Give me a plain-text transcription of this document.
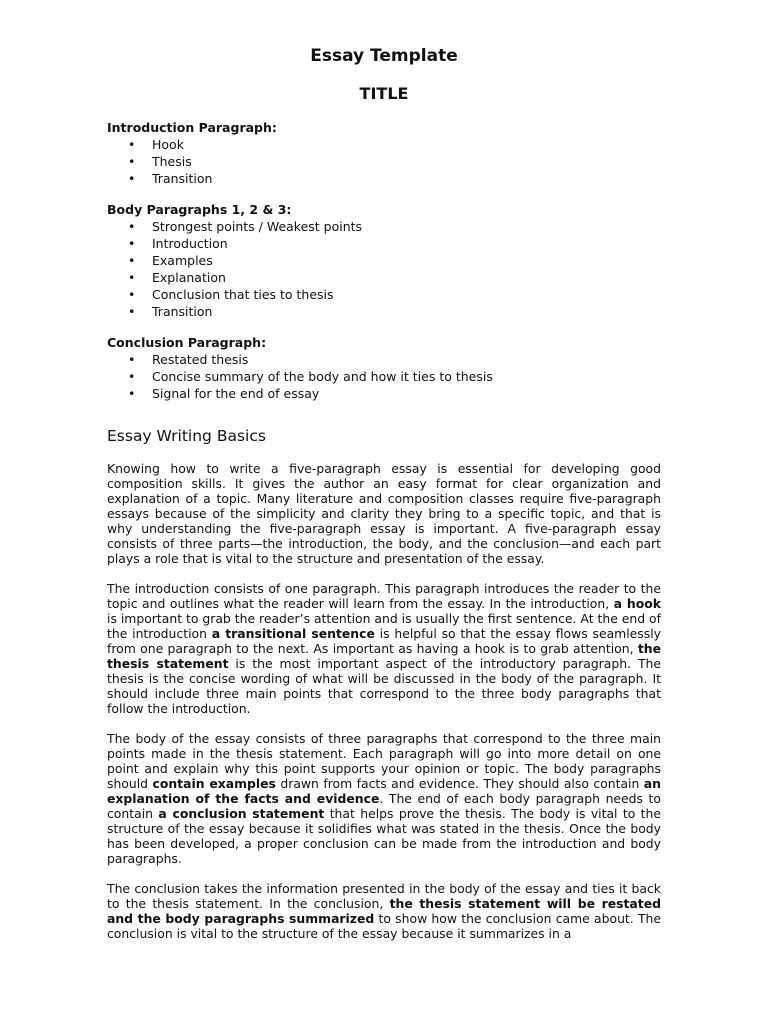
Essay Template
TITLE
Introduction Paragraph:
• Hook
• Thesis
• Transition
Body Paragraphs 1, 2 & 3:
• Strongest points / Weakest points
• Introduction
• Examples
• Explanation
• Conclusion that ties to thesis
• Transition
Conclusion Paragraph:
• Restated thesis
• Concise summary of the body and how it ties to thesis
• Signal for the end of essay
Essay Writing Basics

Knowing how to write a five-paragraph essay is essential for developing good composition skills. It gives the author an easy format for clear organization and explanation of a topic. Many literature and composition classes require five-paragraph essays because of the simplicity and clarity they bring to a specific topic, and that is why understanding the five-paragraph essay is important. A five-paragraph essay consists of three parts—the introduction, the body, and the conclusion—and each part plays a role that is vital to the structure and presentation of the essay.

The introduction consists of one paragraph. This paragraph introduces the reader to the topic and outlines what the reader will learn from the essay. In the introduction, a hook is important to grab the reader’s attention and is usually the first sentence. At the end of the introduction a transitional sentence is helpful so that the essay flows seamlessly from one paragraph to the next. As important as having a hook is to grab attention, the thesis statement is the most important aspect of the introductory paragraph. The thesis is the concise wording of what will be discussed in the body of the paragraph. It should include three main points that correspond to the three body paragraphs that follow the introduction.

The body of the essay consists of three paragraphs that correspond to the three main points made in the thesis statement. Each paragraph will go into more detail on one point and explain why this point supports your opinion or topic. The body paragraphs should contain examples drawn from facts and evidence. They should also contain an explanation of the facts and evidence. The end of each body paragraph needs to contain a conclusion statement that helps prove the thesis. The body is vital to the structure of the essay because it solidifies what was stated in the thesis. Once the body has been developed, a proper conclusion can be made from the introduction and body paragraphs.

The conclusion takes the information presented in the body of the essay and ties it back to the thesis statement. In the conclusion, the thesis statement will be restated and the body paragraphs summarized to show how the conclusion came about. The conclusion is vital to the structure of the essay because it summarizes in a
